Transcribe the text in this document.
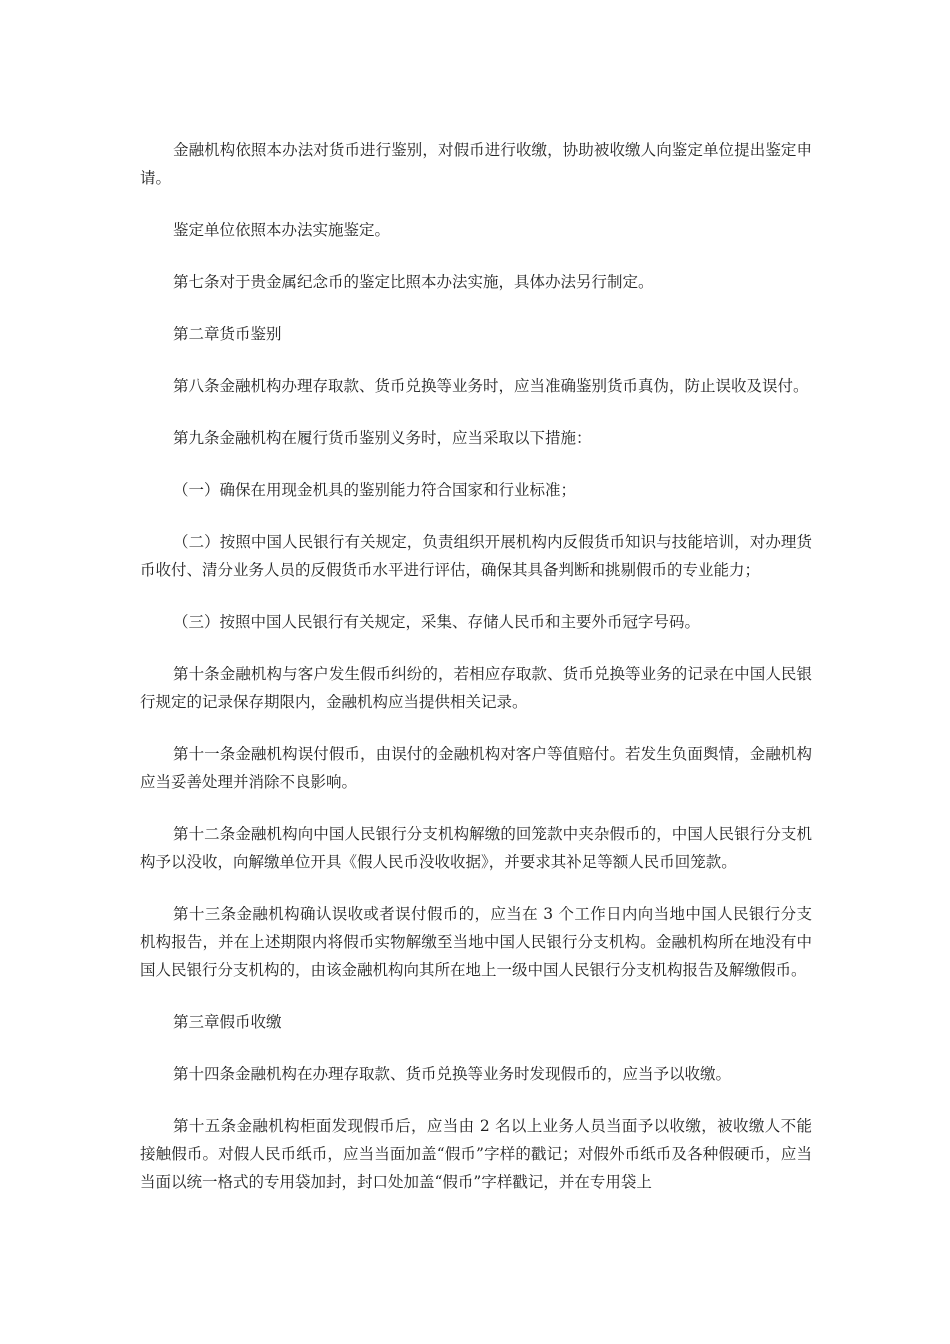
金融机构依照本办法对货币进行鉴别，对假币进行收缴，协助被收缴人向鉴定单位提出鉴定申请。

鉴定单位依照本办法实施鉴定。

第七条对于贵金属纪念币的鉴定比照本办法实施，具体办法另行制定。

第二章货币鉴别

第八条金融机构办理存取款、货币兑换等业务时，应当准确鉴别货币真伪，防止误收及误付。

第九条金融机构在履行货币鉴别义务时，应当采取以下措施：

（一）确保在用现金机具的鉴别能力符合国家和行业标准；

（二）按照中国人民银行有关规定，负责组织开展机构内反假货币知识与技能培训，对办理货币收付、清分业务人员的反假货币水平进行评估，确保其具备判断和挑剔假币的专业能力；

（三）按照中国人民银行有关规定，采集、存储人民币和主要外币冠字号码。

第十条金融机构与客户发生假币纠纷的，若相应存取款、货币兑换等业务的记录在中国人民银行规定的记录保存期限内，金融机构应当提供相关记录。

第十一条金融机构误付假币，由误付的金融机构对客户等值赔付。若发生负面舆情，金融机构应当妥善处理并消除不良影响。

第十二条金融机构向中国人民银行分支机构解缴的回笼款中夹杂假币的，中国人民银行分支机构予以没收，向解缴单位开具《假人民币没收收据》，并要求其补足等额人民币回笼款。

第十三条金融机构确认误收或者误付假币的，应当在 3 个工作日内向当地中国人民银行分支机构报告，并在上述期限内将假币实物解缴至当地中国人民银行分支机构。金融机构所在地没有中国人民银行分支机构的，由该金融机构向其所在地上一级中国人民银行分支机构报告及解缴假币。

第三章假币收缴

第十四条金融机构在办理存取款、货币兑换等业务时发现假币的，应当予以收缴。

第十五条金融机构柜面发现假币后，应当由 2 名以上业务人员当面予以收缴，被收缴人不能接触假币。对假人民币纸币，应当当面加盖“假币”字样的戳记；对假外币纸币及各种假硬币，应当当面以统一格式的专用袋加封，封口处加盖“假币”字样戳记，并在专用袋上
